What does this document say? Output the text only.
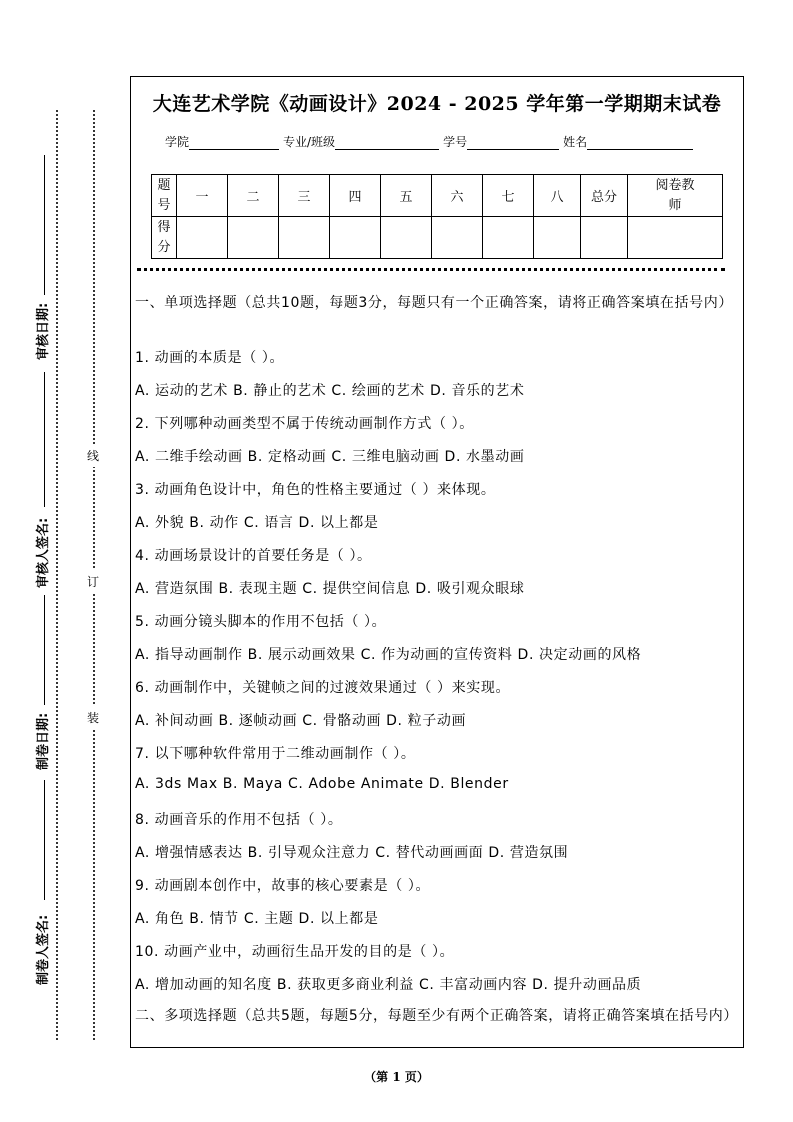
审核日期:
审核人签名:
制卷日期:
制卷人签名:
线
订
装
大连艺术学院《动画设计》2024 - 2025 学年第一学期期末试卷
学院	专业/班级	学号	姓名
题号	一	二	三	四	五	六	七	八	总分	阅卷教师
得分										
一、单项选择题（总共10题，每题3分，每题只有一个正确答案，请将正确答案填在括号内）
1. 动画的本质是（ ）。
A. 运动的艺术 B. 静止的艺术 C. 绘画的艺术 D. 音乐的艺术
2. 下列哪种动画类型不属于传统动画制作方式（ ）。
A. 二维手绘动画 B. 定格动画 C. 三维电脑动画 D. 水墨动画
3. 动画角色设计中，角色的性格主要通过（ ）来体现。
A. 外貌 B. 动作 C. 语言 D. 以上都是
4. 动画场景设计的首要任务是（ ）。
A. 营造氛围 B. 表现主题 C. 提供空间信息 D. 吸引观众眼球
5. 动画分镜头脚本的作用不包括（ ）。
A. 指导动画制作 B. 展示动画效果 C. 作为动画的宣传资料 D. 决定动画的风格
6. 动画制作中，关键帧之间的过渡效果通过（ ）来实现。
A. 补间动画 B. 逐帧动画 C. 骨骼动画 D. 粒子动画
7. 以下哪种软件常用于二维动画制作（ ）。
A. 3ds Max B. Maya C. Adobe Animate D. Blender
8. 动画音乐的作用不包括（ ）。
A. 增强情感表达 B. 引导观众注意力 C. 替代动画画面 D. 营造氛围
9. 动画剧本创作中，故事的核心要素是（ ）。
A. 角色 B. 情节 C. 主题 D. 以上都是
10. 动画产业中，动画衍生品开发的目的是（ ）。
A. 增加动画的知名度 B. 获取更多商业利益 C. 丰富动画内容 D. 提升动画品质
二、多项选择题（总共5题，每题5分，每题至少有两个正确答案，请将正确答案填在括号内）
（第 1 页）
